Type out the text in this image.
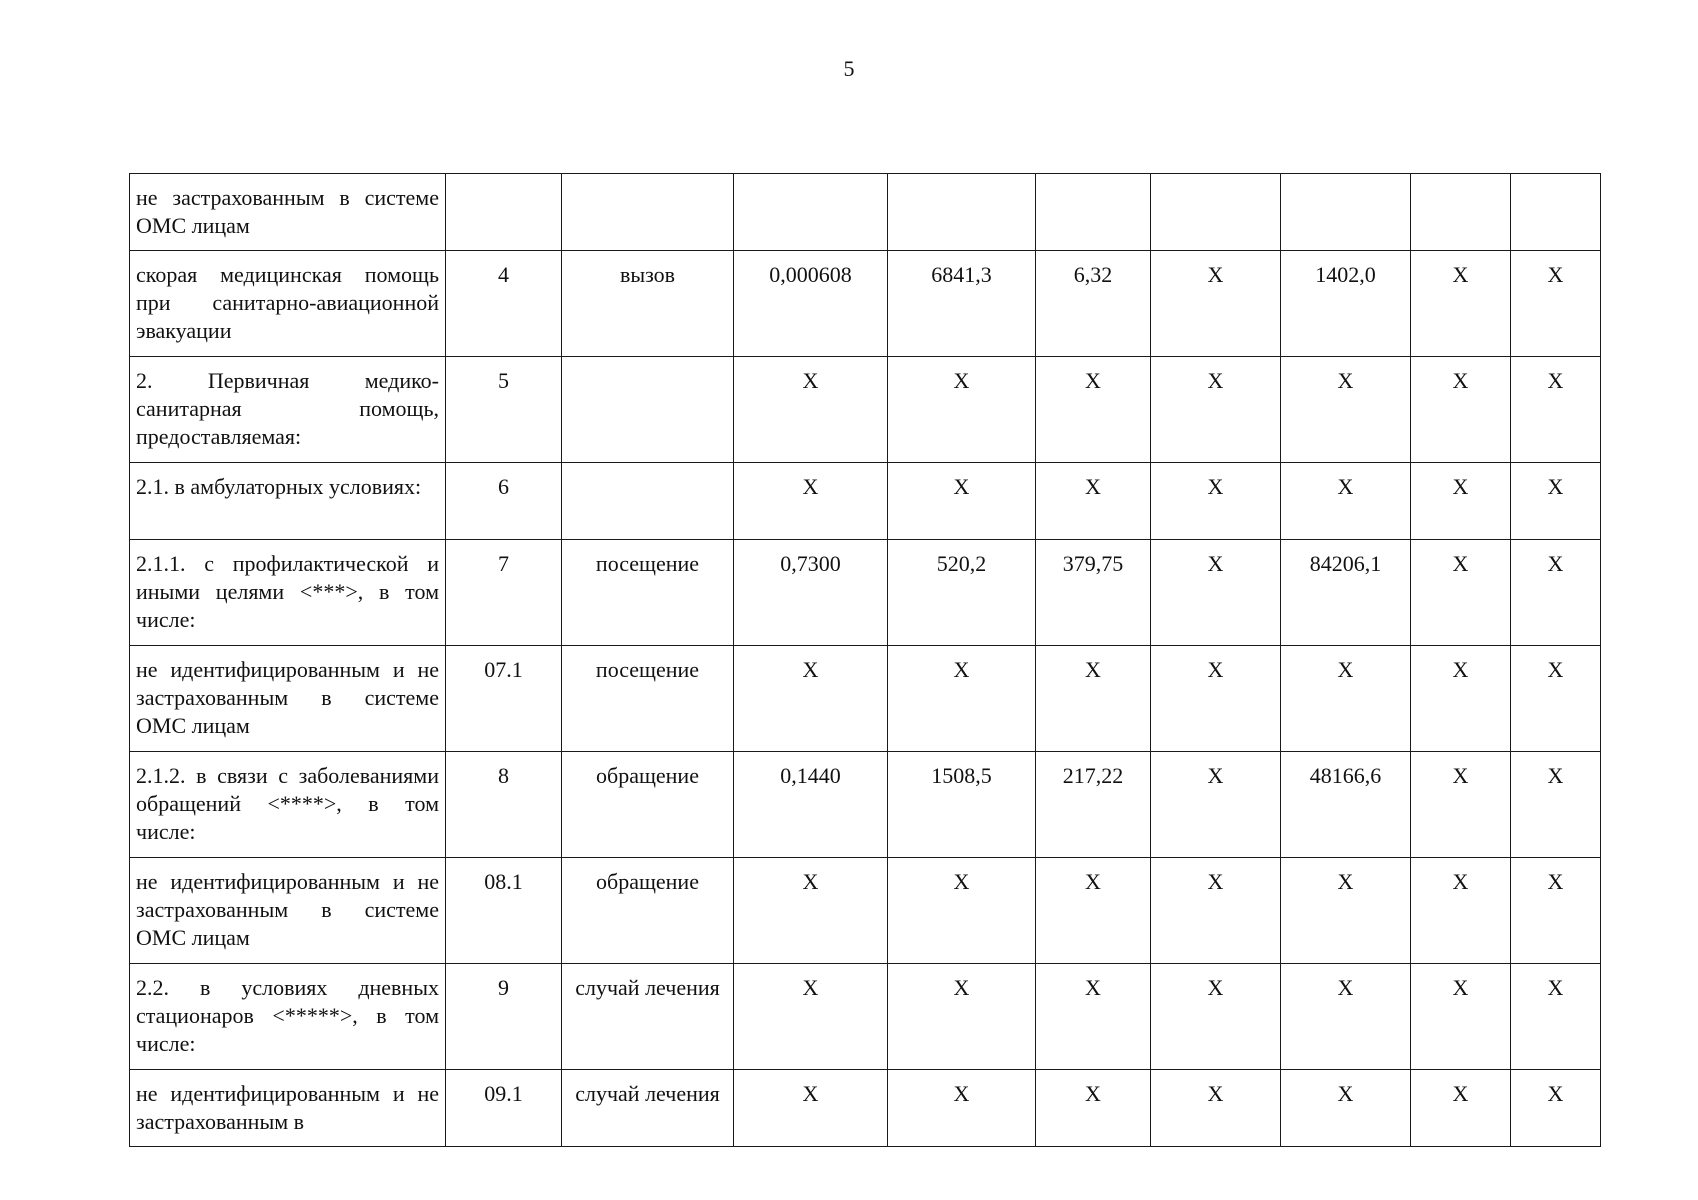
5
не застрахованным в системе ОМС лицам									
скорая медицинская помощь при санитарно-авиационной эвакуации	4	вызов	0,000608	6841,3	6,32	X	1402,0	X	X
2. Первичная медико-санитарная помощь, предоставляемая:	5		X	X	X	X	X	X	X
2.1. в амбулаторных условиях:	6		X	X	X	X	X	X	X
2.1.1. с профилактической и иными целями <***>, в том числе:	7	посещение	0,7300	520,2	379,75	X	84206,1	X	X
не идентифицированным и не застрахованным в системе ОМС лицам	07.1	посещение	X	X	X	X	X	X	X
2.1.2. в связи с заболеваниями обращений <****>, в том числе:	8	обращение	0,1440	1508,5	217,22	X	48166,6	X	X
не идентифицированным и не застрахованным в системе ОМС лицам	08.1	обращение	X	X	X	X	X	X	X
2.2. в условиях дневных стационаров <*****>, в том числе:	9	случай лечения	X	X	X	X	X	X	X
не идентифицированным и не застрахованным в	09.1	случай лечения	X	X	X	X	X	X	X
